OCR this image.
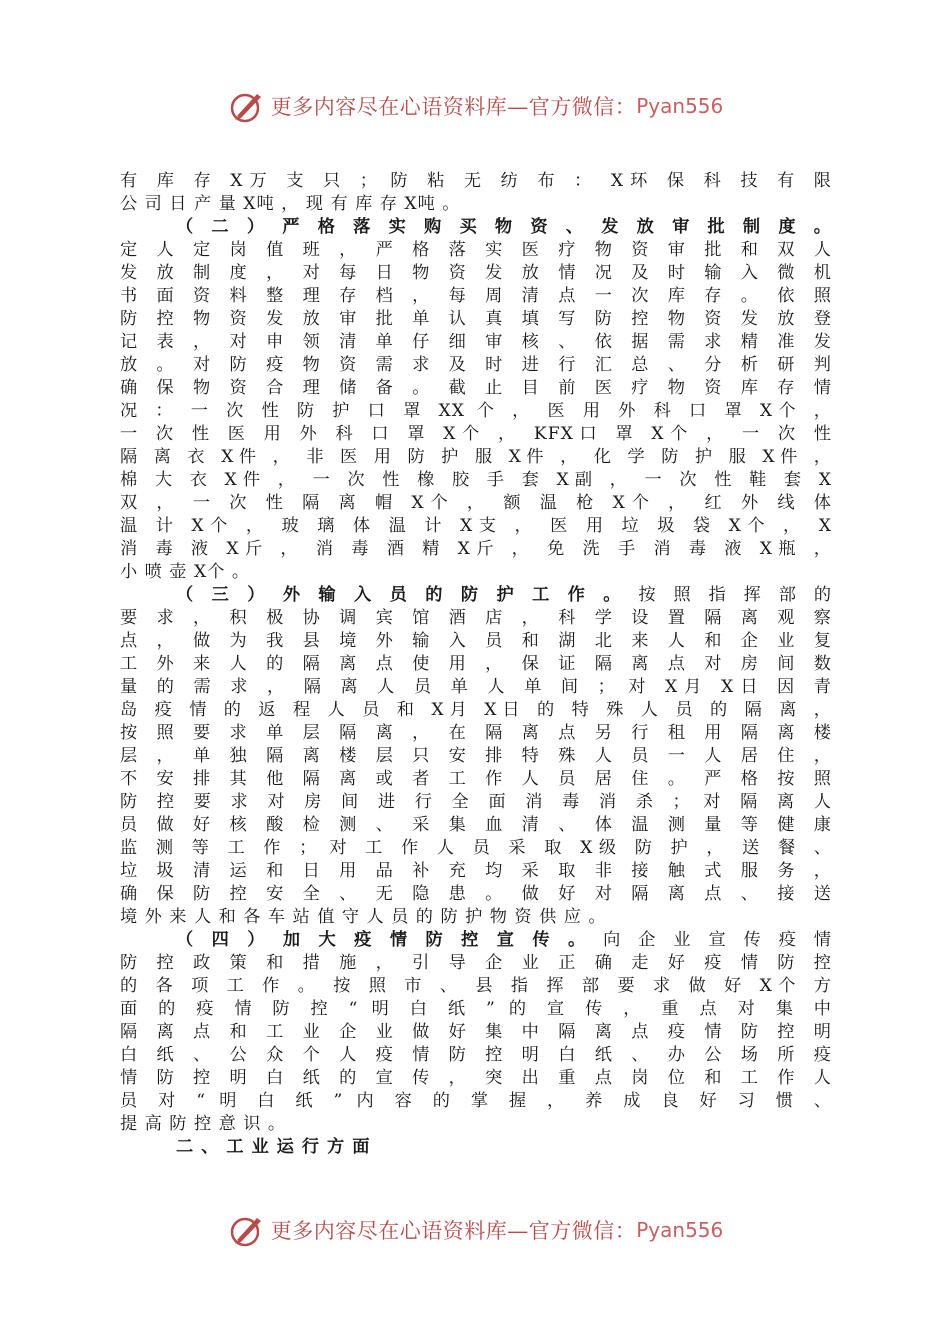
更多内容尽在心语资料库—官方微信： Pyan556
有 库 存 X万 支 只 ； 防 粘 无 纺 布 ： X环 保 科 技 有 限
公 司 日 产 量 X吨 ， 现 有 库 存 X吨 。
（ 二 ） 严 格 落 实 购 买 物 资 、 发 放 审 批 制 度 。
定 人 定 岗 值 班 ， 严 格 落 实 医 疗 物 资 审 批 和 双 人
发 放 制 度 ， 对 每 日 物 资 发 放 情 况 及 时 输 入 微 机
书 面 资 料 整 理 存 档 ， 每 周 清 点 一 次 库 存 。 依 照
防 控 物 资 发 放 审 批 单 认 真 填 写 防 控 物 资 发 放 登
记 表 ， 对 申 领 清 单 仔 细 审 核 、 依 据 需 求 精 准 发
放 。 对 防 疫 物 资 需 求 及 时 进 行 汇 总 、 分 析 研 判
确 保 物 资 合 理 储 备 。 截 止 目 前 医 疗 物 资 库 存 情
况 ： 一 次 性 防 护 口 罩 XX 个 ， 医 用 外 科 口 罩 X个 ，
一 次 性 医 用 外 科 口 罩 X个 ， KFX口 罩 X个 ， 一 次 性
隔 离 衣 X件 ， 非 医 用 防 护 服 X件 ， 化 学 防 护 服 X件 ，
棉 大 衣 X件 ， 一 次 性 橡 胶 手 套 X副 ， 一 次 性 鞋 套 X
双 ， 一 次 性 隔 离 帽 X个 ， 额 温 枪 X个 ， 红 外 线 体
温 计 X个 ， 玻 璃 体 温 计 X支 ， 医 用 垃 圾 袋 X个 ， X
消 毒 液 X斤 ， 消 毒 酒 精 X斤 ， 免 洗 手 消 毒 液 X瓶 ，
小 喷 壶 X个 。
（ 三 ） 外 输 入 员 的 防 护 工 作 。 按 照 指 挥 部 的
要 求 ， 积 极 协 调 宾 馆 酒 店 ， 科 学 设 置 隔 离 观 察
点 ， 做 为 我 县 境 外 输 入 员 和 湖 北 来 人 和 企 业 复
工 外 来 人 的 隔 离 点 使 用 ， 保 证 隔 离 点 对 房 间 数
量 的 需 求 ， 隔 离 人 员 单 人 单 间 ； 对 X月 X日 因 青
岛 疫 情 的 返 程 人 员 和 X月 X日 的 特 殊 人 员 的 隔 离 ，
按 照 要 求 单 层 隔 离 ， 在 隔 离 点 另 行 租 用 隔 离 楼
层 ， 单 独 隔 离 楼 层 只 安 排 特 殊 人 员 一 人 居 住 ，
不 安 排 其 他 隔 离 或 者 工 作 人 员 居 住 。 严 格 按 照
防 控 要 求 对 房 间 进 行 全 面 消 毒 消 杀 ； 对 隔 离 人
员 做 好 核 酸 检 测 、 采 集 血 清 、 体 温 测 量 等 健 康
监 测 等 工 作 ； 对 工 作 人 员 采 取 X级 防 护 ， 送 餐 、
垃 圾 清 运 和 日 用 品 补 充 均 采 取 非 接 触 式 服 务 ，
确 保 防 控 安 全 、 无 隐 患 。 做 好 对 隔 离 点 、 接 送
境 外 来 人 和 各 车 站 值 守 人 员 的 防 护 物 资 供 应 。
（ 四 ） 加 大 疫 情 防 控 宣 传 。 向 企 业 宣 传 疫 情
防 控 政 策 和 措 施 ， 引 导 企 业 正 确 走 好 疫 情 防 控
的 各 项 工 作 。 按 照 市 、 县 指 挥 部 要 求 做 好 X个 方
面 的 疫 情 防 控 “ 明 白 纸 ” 的 宣 传 ， 重 点 对 集 中
隔 离 点 和 工 业 企 业 做 好 集 中 隔 离 点 疫 情 防 控 明
白 纸 、 公 众 个 人 疫 情 防 控 明 白 纸 、 办 公 场 所 疫
情 防 控 明 白 纸 的 宣 传 ， 突 出 重 点 岗 位 和 工 作 人
员 对 “ 明 白 纸 ” 内 容 的 掌 握 ， 养 成 良 好 习 惯 、
提 高 防 控 意 识 。
二 、 工 业 运 行 方 面
更多内容尽在心语资料库—官方微信： Pyan556
